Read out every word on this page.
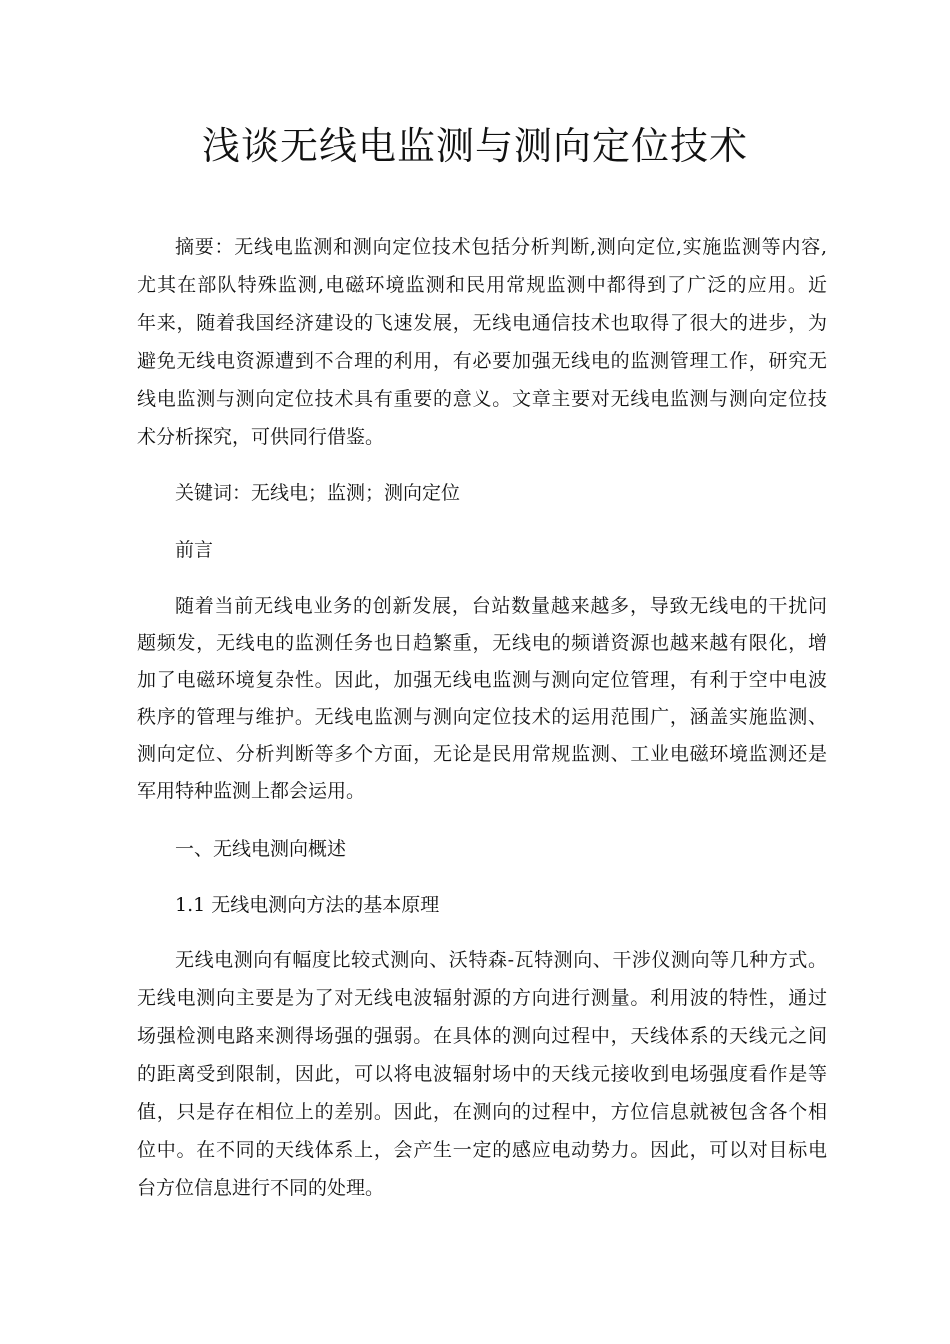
浅谈无线电监测与测向定位技术
摘要：无线电监测和测向定位技术包括分析判断,测向定位,实施监测等内容,
尤其在部队特殊监测,电磁环境监测和民用常规监测中都得到了广泛的应用。近
年来，随着我国经济建设的飞速发展，无线电通信技术也取得了很大的进步，为
避免无线电资源遭到不合理的利用，有必要加强无线电的监测管理工作，研究无
线电监测与测向定位技术具有重要的意义。文章主要对无线电监测与测向定位技
术分析探究，可供同行借鉴。
关键词：无线电；监测；测向定位
前言
随着当前无线电业务的创新发展，台站数量越来越多，导致无线电的干扰问
题频发，无线电的监测任务也日趋繁重，无线电的频谱资源也越来越有限化，增
加了电磁环境复杂性。因此，加强无线电监测与测向定位管理，有利于空中电波
秩序的管理与维护。无线电监测与测向定位技术的运用范围广，涵盖实施监测、
测向定位、分析判断等多个方面，无论是民用常规监测、工业电磁环境监测还是
军用特种监测上都会运用。
一、无线电测向概述
1.1 无线电测向方法的基本原理
无线电测向有幅度比较式测向、沃特森-瓦特测向、干涉仪测向等几种方式。
无线电测向主要是为了对无线电波辐射源的方向进行测量。利用波的特性，通过
场强检测电路来测得场强的强弱。在具体的测向过程中，天线体系的天线元之间
的距离受到限制，因此，可以将电波辐射场中的天线元接收到电场强度看作是等
值，只是存在相位上的差别。因此，在测向的过程中，方位信息就被包含各个相
位中。在不同的天线体系上，会产生一定的感应电动势力。因此，可以对目标电
台方位信息进行不同的处理。
